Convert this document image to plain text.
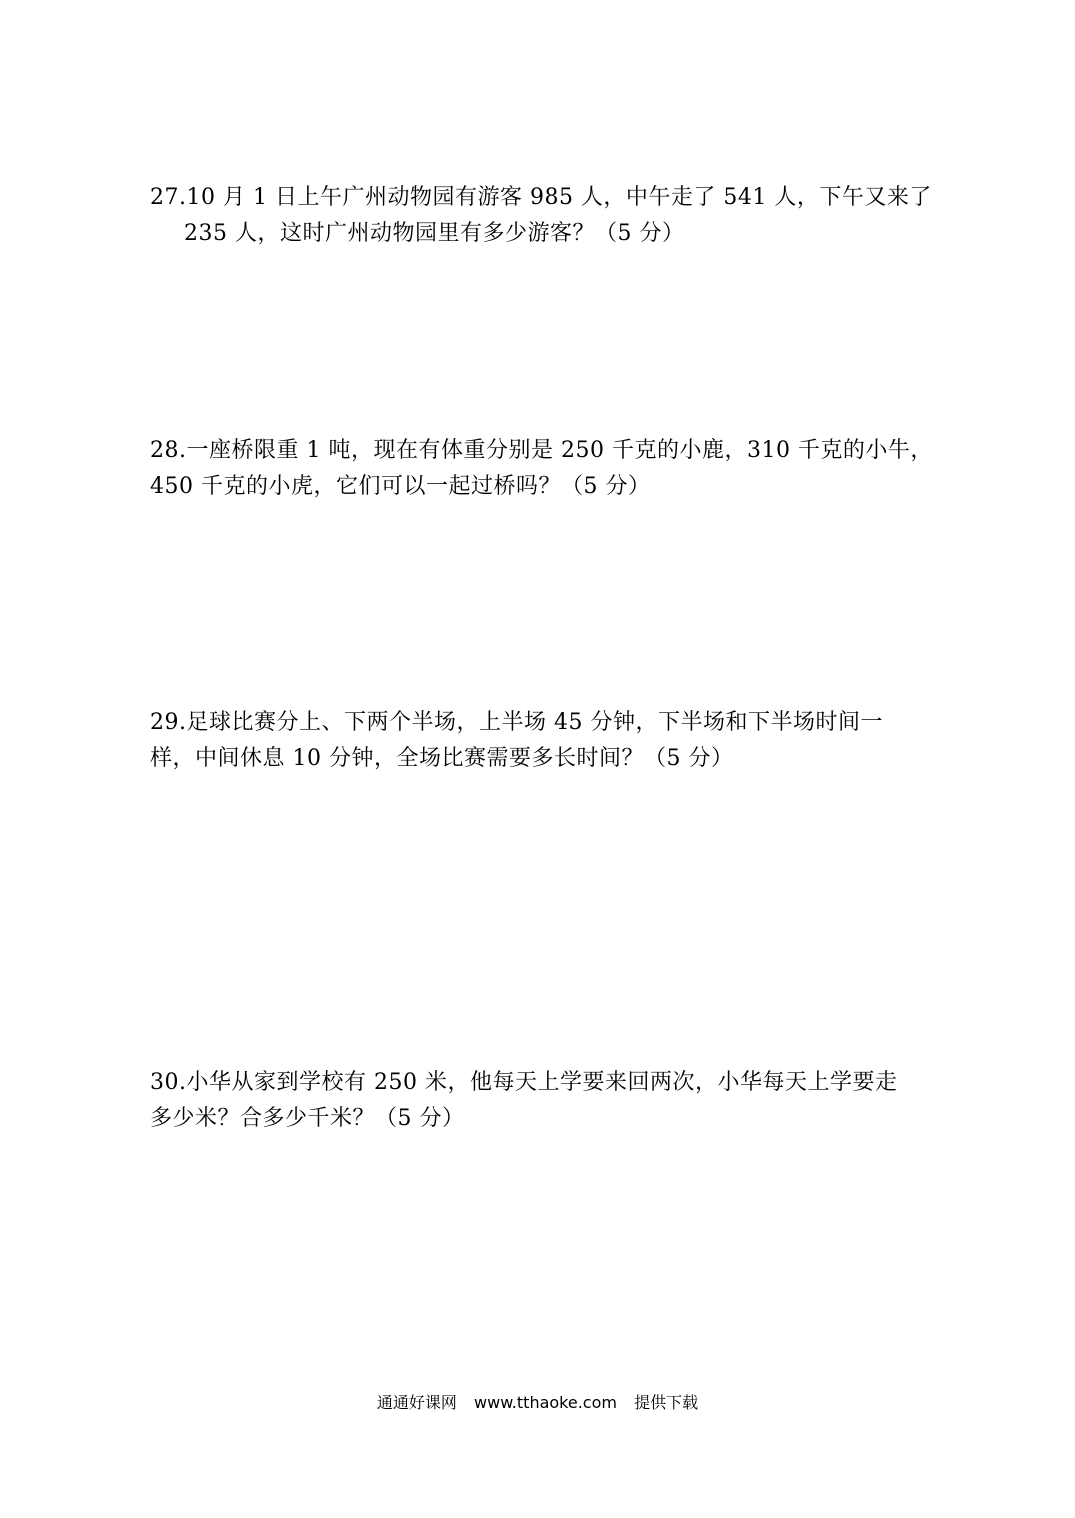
27.10 月 1 日上午广州动物园有游客 985 人，中午走了 541 人，下午又来了
235 人，这时广州动物园里有多少游客？（5 分）
28.一座桥限重 1 吨，现在有体重分别是 250 千克的小鹿，310 千克的小牛，
450 千克的小虎，它们可以一起过桥吗？（5 分）
29.足球比赛分上、下两个半场，上半场 45 分钟，下半场和下半场时间一
样，中间休息 10 分钟，全场比赛需要多长时间？（5 分）
30.小华从家到学校有 250 米，他每天上学要来回两次，小华每天上学要走
多少米？合多少千米？（5 分）
通通好课网 www.tthaoke.com 提供下载
